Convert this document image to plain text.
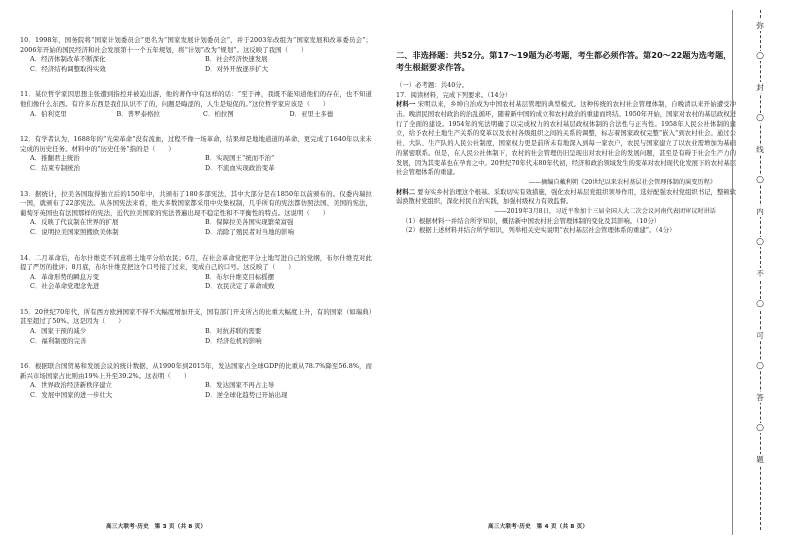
10．1998年，国务院将“国家计划委员会”更名为“国家发展计划委员会”，并于2003年改组为“国家发展和改革委员会”；2006年开始的国民经济和社会发展第十一个五年规划，将“计划”改为“规划”。这反映了我国（　　）
A．经济体制改革不断深化	B．社会经济快速发展
C．经济结构调整取得实效	D．对外开放逐步扩大
11．某位哲学家因思想主张遭到指控并被迫出游，他的著作中有这样的话：“至于神，我既不能知道他们的存在，也不知道他们像什么东西。有许多东西是我们认识不了的，问题是晦涩的，人生是短促的。”这位哲学家应该是（　　）
A．伯利克里	B．普罗泰格拉	C．柏拉图	D．亚里士多德
12．有学者认为，1688年的“光荣革命”没有流血，过程不像一场革命，结果却是地地道道的革命，更完成了1640年以来未完成的历史任务。材料中的“历史任务”指的是（　　）
A．推翻君主统治	B．实现国王“统而不治”
C．结束专制统治	D．不流血实现政治变革
13．据统计，拉美各国取得独立后的150年中，共颁布了180多部宪法，其中大部分是在1850年以前颁布的。仅委内瑞拉一国，就颁布了22部宪法。从各国宪法来看，绝大多数国家都采用中央集权制，几乎所有的宪法都仿照法国、美国的宪法，葡萄牙英国也有法国那样的宪法，近代拉美国家的宪法普遍出现不稳定性和不平衡性的特点。这说明（　　）
A．反映了代议制在世界的扩展	B．保障拉美各国实现繁荣富强
C．说明拉美国家照搬欧美体制	D．消除了殖民者对当地的影响
14．二月革命后，布尔什维克不同意将土地平分给农民；6月，在社会革命党把平分土地写进自己的党纲，布尔什维克对此提了严厉的批评；8月底，布尔什维克把这个口号接了过来，变成自己的口号。这反映了（　　）
A．革命形势的瞬息万变	B．布尔什维克目标摇摆
C．社会革命党理念先进	D．农民决定了革命成败
15．20世纪70年代，所有西方欧洲国家不得不大幅度增加开支，国有部门开支所占的比重大幅度上升，有的国家（如瑞典）甚至超过了50%。这是因为（　　）
A．国家干预的减少	B．对抗苏联的需要
C．福利制度的完善	D．经济危机的影响
16．根据联合国贸易和发展会议的统计数据，从1990年到2015年，发达国家占全球GDP的比重从78.7%降至56.8%，而新兴市场国家占比则由19%上升至39.2%。这表明（　　）
A．世界政治经济新秩序建立	B．发达国家不再占主导
C．发展中国家的进一步壮大	D．逆全球化趋势已开始出现
二、非选择题：共52分。第17～19题为必考题，考生都必须作答。第20～22题为选考题，考生根据要求作答。
（一）必考题：共40分。
17．阅读材料，完成下列要求。（14分）
材料一 宋明以来，乡绅自治成为中国农村基层管理的典型模式。这种传统的农村社会管理体制，自晚清以来开始遭受冲击。晚清民国农村政治的治乱循环，随着新中国的成立和农村政治的重建而终结。1950年开始，国家对农村的基层政权进行了全面的建设。1954年的宪法明确了以完成权力的农村基层政权体制的合法性与正当性。1958年人民公社体制的建立，给予农村土地生产关系的变革以及农村各级组织之间的关系的调整，标志着国家政权完整“嵌入”到农村社会。通过公社、大队、生产队的人民公社制度，国家权力更是前所未有地深入到每一家农户，农民与国家建立了以农业需增加为基础的紧密联系。但是，在人民公社体制下，农村的社会管理仍旧呈现出对农村社会的发展问题，甚至是有碍于社会生产力的发展，因为其变革也在孕育之中。20世纪70年代末80年代初，经济和政治领域发生的变革对农村现代化发展下的农村基层社会管理体系的重建。
——摘编自戴利朝《20世纪以来农村基层社会管理体制的演变历程》
材料二 要夯实乡村治理这个根基。采取切实有效措施，强化农村基层党组织领导作用，选好配强农村党组织书记，整顿软弱涣散村党组织，深化村民自治实践，加强村级权力有效监督。
——2019年3月8日，习近平参加十三届全国人大二次会议河南代表团审议时讲话
（1）根据材料一并结合所学知识，概括新中国农村社会管理体制的变化及其影响。（10分）
（2）根据上述材料并结合所学知识，列举相关史实说明“农村基层社会管理体系的重建”。（4分）
高三大联考·历史　第 3 页（共 8 页）	高三大联考·历史　第 4 页（共 8 页）
弥
○
封
○
线
○
内
○
不
○
可
○
答
○
题
